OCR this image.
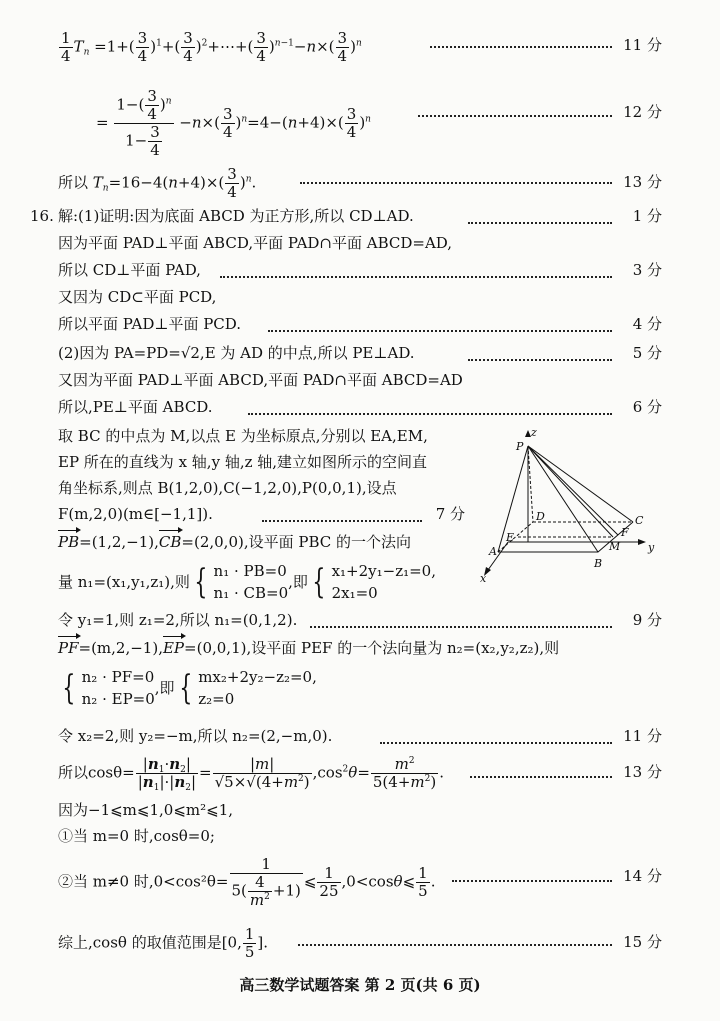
$\frac{1}{4} T_n =1+( \frac{3}{4} )^1+( \frac{3}{4}$ )$^2+\cdots+( \frac{3}{4} )^{n-1}-n\times( \frac{3}{4} )^n$	11 分
= $\frac{1-( \frac{3}{4} )^n}{1- \frac{3}{4}} -n\times( \frac{3}{4} )^n=4-(n+4)\times( \frac{3}{4} )^n$	12 分
所以 $T_n=16-4(n+4)\times( \frac{3}{4} )^n$.	13 分
16. 解:(1)证明:因为底面 ABCD 为正方形,所以 CD⊥AD.	1 分
因为平面 PAD⊥平面 ABCD,平面 PAD∩平面 ABCD=AD,
所以 CD⊥平面 PAD,	3 分
又因为 CD⊂平面 PCD,
所以平面 PAD⊥平面 PCD.	4 分
(2)因为 PA=PD=√2,E 为 AD 的中点,所以 PE⊥AD.	5 分
又因为平面 PAD⊥平面 ABCD,平面 PAD∩平面 ABCD=AD
所以,PE⊥平面 ABCD.	6 分
取 BC 的中点为 M,以点 E 为坐标原点,分别以 EA,EM,
EP 所在的直线为 x 轴,y 轴,z 轴,建立如图所示的空间直
角坐标系,则点 B(1,2,0),C(−1,2,0),P(0,0,1),设点
F(m,2,0)(m∈[−1,1]).	7 分
PB=(1,2,−1),CB=(2,0,0),设平面 PBC 的一个法向
量 n₁=(x₁,y₁,z₁),则 { n₁ · PB=0
n₁ · CB=0
,即 { x₁+2y₁−z₁=0,
2x₁=0
令 y₁=1,则 z₁=2,所以 n₁=(0,1,2).	9 分
PF=(m,2,−1),EP=(0,0,1),设平面 PEF 的一个法向量为 n₂=(x₂,y₂,z₂),则
{ n₂ · PF=0
n₂ · EP=0
,即 { mx₂+2y₂−z₂=0,
z₂=0
令 x₂=2,则 y₂=−m,所以 n₂=(2,−m,0).	11 分
所以$\cos\theta= \frac{|n_1\cdot n_2|}{|n_1|\cdot|n_2|} = \frac{|m|}{√5\times√(4+m^2)} ,\cos^2\theta= \frac{m^2}{5(4+m^2)}$ .	13 分
因为−1⩽m⩽1,0⩽m²⩽1,
①当 m=0 时,cosθ=0;
②当 m≠0 时$,0<\cos^2\theta= \frac{1}{5( \frac{4}{m^2} +1)}$ ⩽ $\frac{1}{25}$ ,0<cosθ⩽ $\frac{1}{5}$ .	14 分
综上,cosθ 的取值范围是[0, $\frac{1}{5}$ ].	15 分
z
y
x
P
D	C
E	F
A	M
B
高三数学试题答案 第 2 页(共 6 页)
